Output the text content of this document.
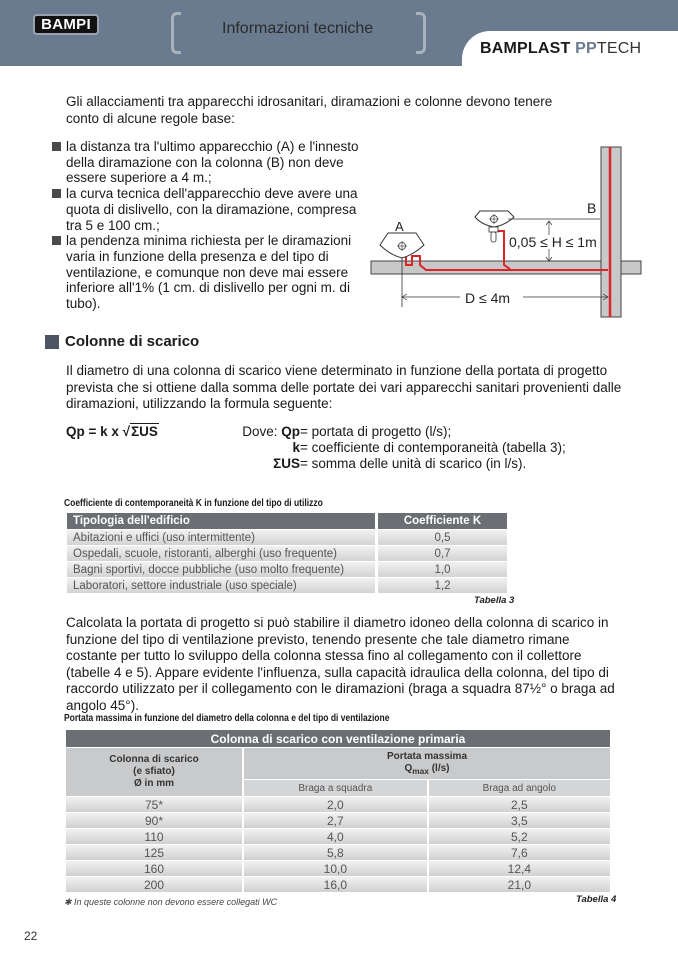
BAMPI	Informazioni tecniche
BAMPLAST PPTECH
Gli allacciamenti tra apparecchi idrosanitari, diramazioni e colonne devono tenere conto di alcune regole base:
la distanza tra l'ultimo apparecchio (A) e l'innesto della diramazione con la colonna (B) non deve essere superiore a 4 m.;
la curva tecnica dell'apparecchio deve avere una quota di dislivello, con la diramazione, compresa tra 5 e 100 cm.;
la pendenza minima richiesta per le diramazioni varia in funzione della presenza e del tipo di ventilazione, e comunque non deve mai essere inferiore all'1% (1 cm. di dislivello per ogni m. di tubo).
A
0,05 ≤ H ≤ 1m
B
D ≤ 4m
Colonne di scarico
Il diametro di una colonna di scarico viene determinato in funzione della portata di progetto prevista che si ottiene dalla somma delle portate dei vari apparecchi sanitari provenienti dalle diramazioni, utilizzando la formula seguente:
Qp = k x √ΣUS	Dove: Qp = portata di progetto (l/s);
k = coefficiente di contemporaneità (tabella 3);
ΣUS = somma delle unità di scarico (in l/s).
Coefficiente di contemporaneità K in funzione del tipo di utilizzo
Tipologia dell'edificio	Coefficiente K
Abitazioni e uffici (uso intermittente)	0,5
Ospedali, scuole, ristoranti, alberghi (uso frequente)	0,7
Bagni sportivi, docce pubbliche (uso molto frequente)	1,0
Laboratori, settore industriale (uso speciale)	1,2
Tabella 3
Calcolata la portata di progetto si può stabilire il diametro idoneo della colonna di scarico in funzione del tipo di ventilazione previsto, tenendo presente che tale diametro rimane costante per tutto lo sviluppo della colonna stessa fino al collegamento con il collettore (tabelle 4 e 5). Appare evidente l'influenza, sulla capacità idraulica della colonna, del tipo di raccordo utilizzato per il collegamento con le diramazioni (braga a squadra 87½° o braga ad angolo 45°).
Portata massima in funzione del diametro della colonna e del tipo di ventilazione
Colonna di scarico con ventilazione primaria		

Colonna di scarico
(e sfiato)
Ø in mm

Portata massima
$Q_{max}$ (l/s)

	Braga a squadra	Braga ad angolo
75*	2,0	2,5
90*	2,7	3,5
110	4,0	5,2
125	5,8	7,6
160	10,0	12,4
200	16,0	21,0
✱ In queste colonne non devono essere collegati WC	Tabella 4
22
